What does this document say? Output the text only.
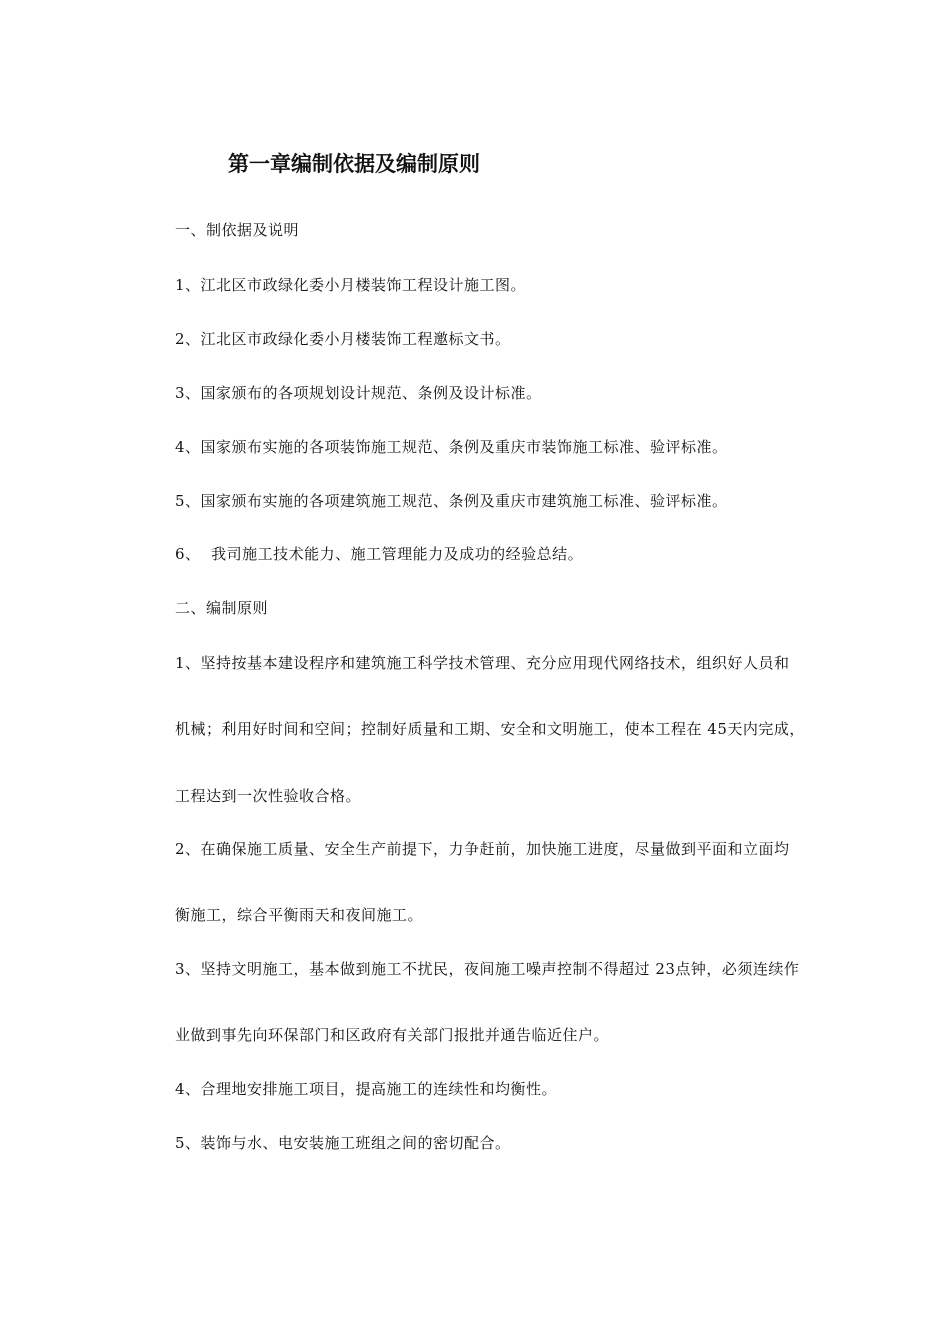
第一章编制依据及编制原则
一、制依据及说明
1、江北区市政绿化委小月楼装饰工程设计施工图。
2、江北区市政绿化委小月楼装饰工程邀标文书。
3、国家颁布的各项规划设计规范、条例及设计标准。
4、国家颁布实施的各项装饰施工规范、条例及重庆市装饰施工标准、验评标准。
5、国家颁布实施的各项建筑施工规范、条例及重庆市建筑施工标准、验评标准。
6、  我司施工技术能力、施工管理能力及成功的经验总结。
二、编制原则
1、坚持按基本建设程序和建筑施工科学技术管理、充分应用现代网络技术，组织好人员和
机械；利用好时间和空间；控制好质量和工期、安全和文明施工，使本工程在 45天内完成，
工程达到一次性验收合格。
2、在确保施工质量、安全生产前提下，力争赶前，加快施工进度，尽量做到平面和立面均
衡施工，综合平衡雨天和夜间施工。
3、坚持文明施工，基本做到施工不扰民，夜间施工噪声控制不得超过 23点钟，必须连续作
业做到事先向环保部门和区政府有关部门报批并通告临近住户。
4、合理地安排施工项目，提高施工的连续性和均衡性。
5、装饰与水、电安装施工班组之间的密切配合。
